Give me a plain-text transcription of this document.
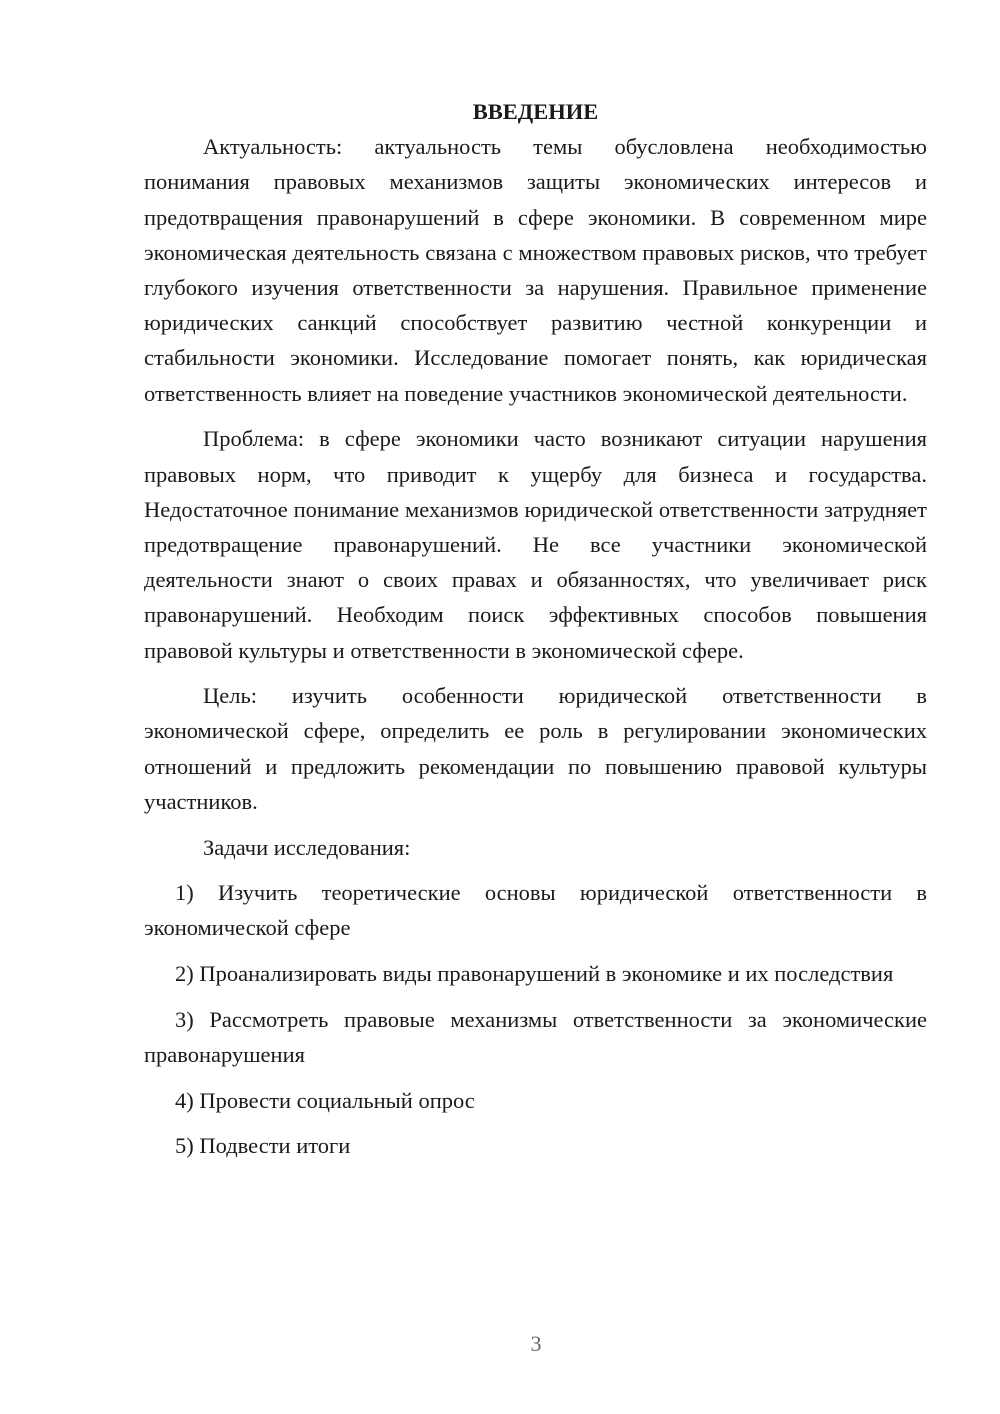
ВВЕДЕНИЕ

Актуальность: актуальность темы обусловлена необходимостью понимания правовых механизмов защиты экономических интересов и предотвращения правонарушений в сфере экономики. В современном мире экономическая деятельность связана с множеством правовых рисков, что требует глубокого изучения ответственности за нарушения. Правильное применение юридических санкций способствует развитию честной конкуренции и стабильности экономики. Исследование помогает понять, как юридическая ответственность влияет на поведение участников экономической деятельности.

Проблема: в сфере экономики часто возникают ситуации нарушения правовых норм, что приводит к ущербу для бизнеса и государства. Недостаточное понимание механизмов юридической ответственности затрудняет предотвращение правонарушений. Не все участники экономической деятельности знают о своих правах и обязанностях, что увеличивает риск правонарушений. Необходим поиск эффективных способов повышения правовой культуры и ответственности в экономической сфере.

Цель: изучить особенности юридической ответственности в экономической сфере, определить ее роль в регулировании экономических отношений и предложить рекомендации по повышению правовой культуры участников.

Задачи исследования:

1) Изучить теоретические основы юридической ответственности в экономической сфере

2) Проанализировать виды правонарушений в экономике и их последствия

3) Рассмотреть правовые механизмы ответственности за экономические правонарушения

4) Провести социальный опрос

5) Подвести итоги

3
